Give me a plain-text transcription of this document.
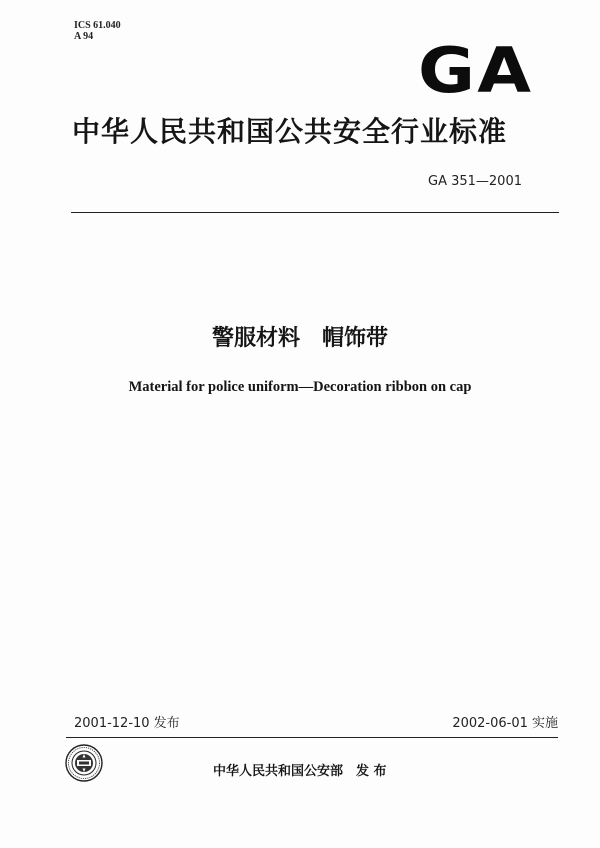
ICS 61.040
A 94	GA
中华人民共和国公共安全行业标准
GA 351—2001
警服材料　帽饰带
Material for police uniform—Decoration ribbon on cap
2001-12-10 发布	2002-06-01 实施
中华人民共和国公安部　发 布
